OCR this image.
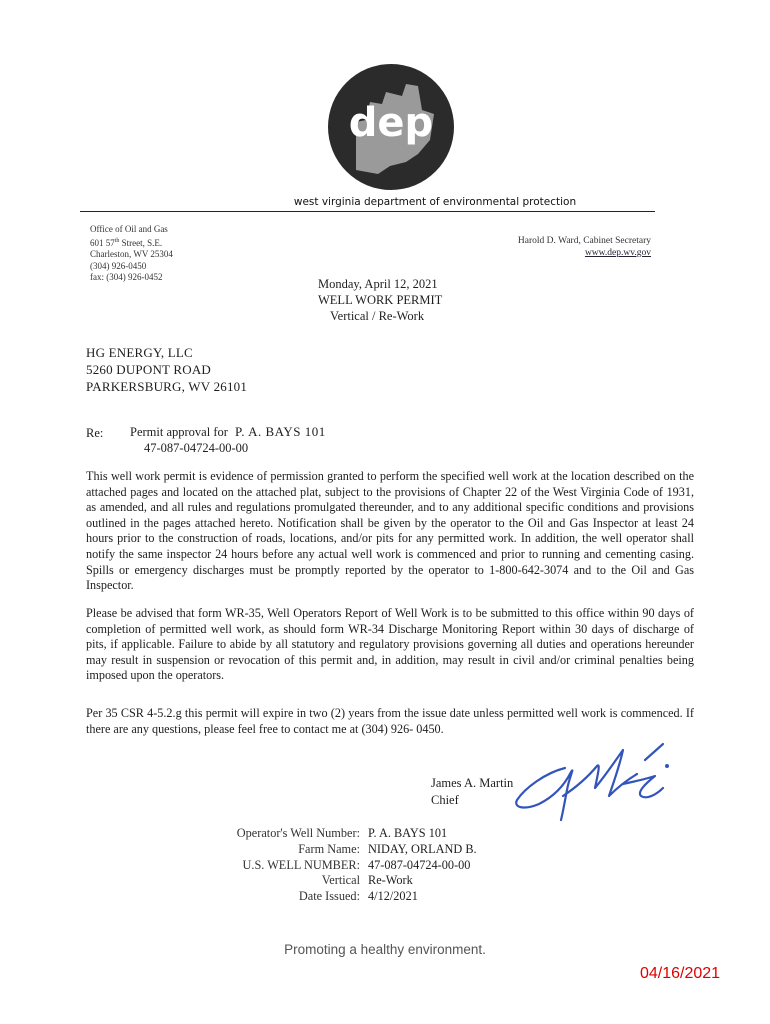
dep
west virginia department of environmental protection
Office of Oil and Gas
601 57th Street, S.E.
Charleston, WV 25304
(304) 926-0450
fax: (304) 926-0452
Harold D. Ward, Cabinet Secretary
www.dep.wv.gov
Monday, April 12, 2021
WELL WORK PERMIT
Vertical / Re-Work
HG ENERGY, LLC
5260 DUPONT ROAD
PARKERSBURG, WV 26101
Re: Permit approval for P. A. BAYS 101
47-087-04724-00-00
This well work permit is evidence of permission granted to perform the specified well work at the location described on the attached pages and located on the attached plat, subject to the provisions of Chapter 22 of the West Virginia Code of 1931, as amended, and all rules and regulations promulgated thereunder, and to any additional specific conditions and provisions outlined in the pages attached hereto. Notification shall be given by the operator to the Oil and Gas Inspector at least 24 hours prior to the construction of roads, locations, and/or pits for any permitted work. In addition, the well operator shall notify the same inspector 24 hours before any actual well work is commenced and prior to running and cementing casing. Spills or emergency discharges must be promptly reported by the operator to 1-800-642-3074 and to the Oil and Gas Inspector.
Please be advised that form WR-35, Well Operators Report of Well Work is to be submitted to this office within 90 days of completion of permitted well work, as should form WR-34 Discharge Monitoring Report within 30 days of discharge of pits, if applicable. Failure to abide by all statutory and regulatory provisions governing all duties and operations hereunder may result in suspension or revocation of this permit and, in addition, may result in civil and/or criminal penalties being imposed upon the operators.
Per 35 CSR 4-5.2.g this permit will expire in two (2) years from the issue date unless permitted well work is commenced. If there are any questions, please feel free to contact me at (304) 926- 0450.
James A. Martin
Chief
Operator's Well Number: P. A. BAYS 101
Farm Name: NIDAY, ORLAND B.
U.S. WELL NUMBER: 47-087-04724-00-00
Vertical Re-Work
Date Issued: 4/12/2021
Promoting a healthy environment.
04/16/2021
